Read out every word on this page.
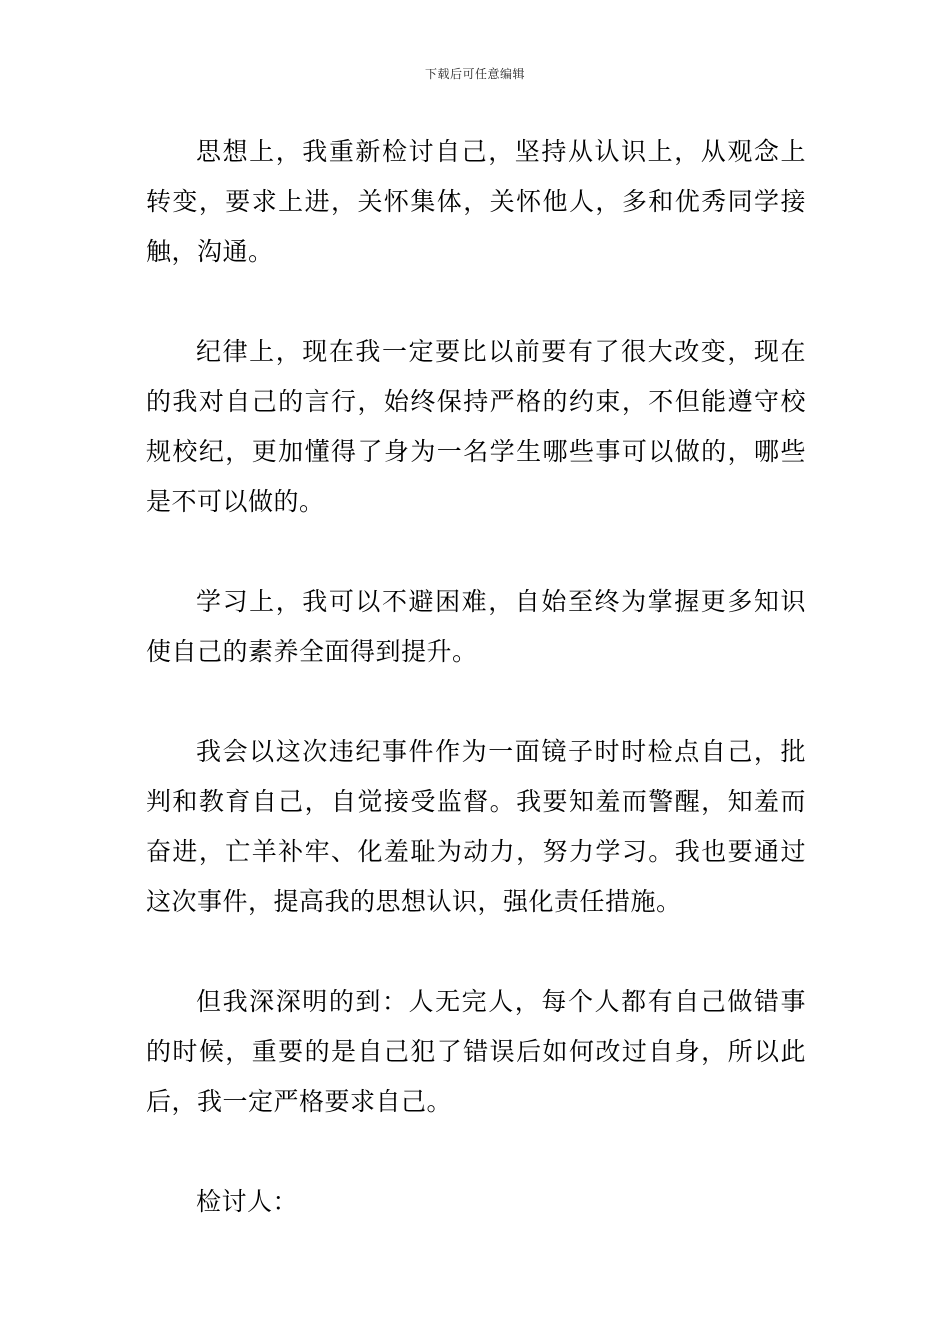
下载后可任意编辑

思想上，我重新检讨自己，坚持从认识上，从观念上转变，要求上进，关怀集体，关怀他人，多和优秀同学接触，沟通。

纪律上，现在我一定要比以前要有了很大改变，现在的我对自己的言行，始终保持严格的约束，不但能遵守校规校纪，更加懂得了身为一名学生哪些事可以做的，哪些是不可以做的。

学习上，我可以不避困难，自始至终为掌握更多知识使自己的素养全面得到提升。

我会以这次违纪事件作为一面镜子时时检点自己，批判和教育自己，自觉接受监督。我要知羞而警醒，知羞而奋进，亡羊补牢、化羞耻为动力，努力学习。我也要通过这次事件，提高我的思想认识，强化责任措施。

但我深深明的到：人无完人，每个人都有自己做错事的时候，重要的是自己犯了错误后如何改过自身，所以此后，我一定严格要求自己。

检讨人：
